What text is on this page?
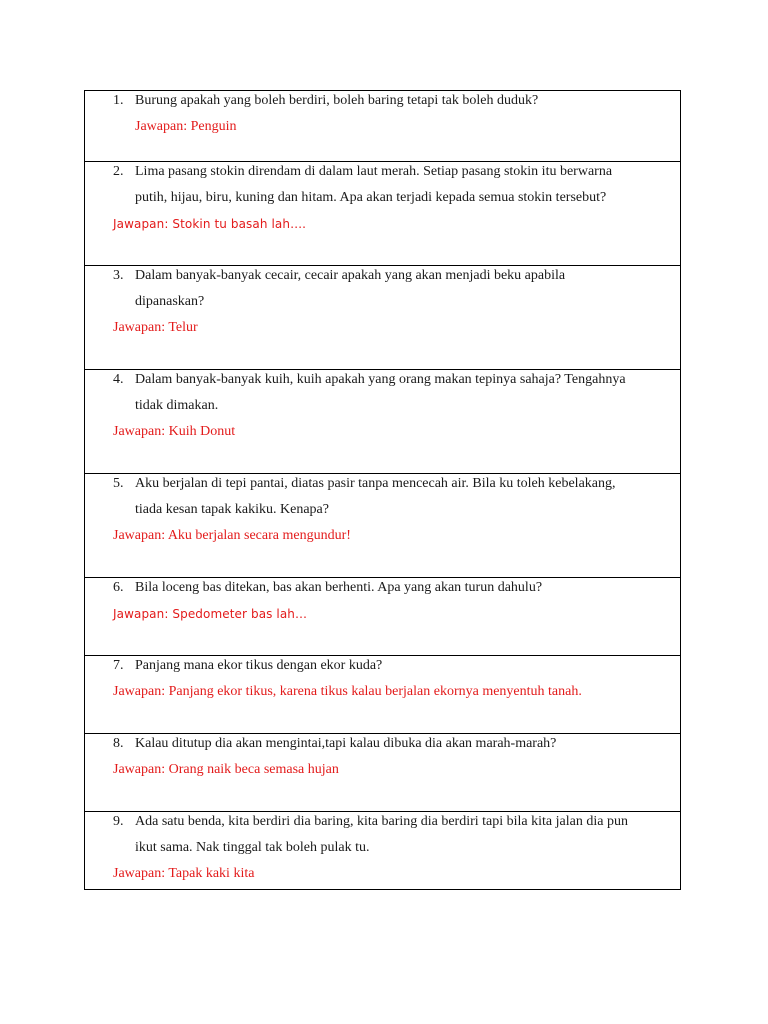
1. Burung apakah yang boleh berdiri, boleh baring tetapi tak boleh duduk?
Jawapan: Penguin
2. Lima pasang stokin direndam di dalam laut merah. Setiap pasang stokin itu berwarna
putih, hijau, biru, kuning dan hitam. Apa akan terjadi kepada semua stokin tersebut?
Jawapan: Stokin tu basah lah….
3. Dalam banyak-banyak cecair, cecair apakah yang akan menjadi beku apabila
dipanaskan?
Jawapan: Telur
4. Dalam banyak-banyak kuih, kuih apakah yang orang makan tepinya sahaja? Tengahnya
tidak dimakan.
Jawapan: Kuih Donut
5. Aku berjalan di tepi pantai, diatas pasir tanpa mencecah air. Bila ku toleh kebelakang,
tiada kesan tapak kakiku. Kenapa?
Jawapan: Aku berjalan secara mengundur!
6. Bila loceng bas ditekan, bas akan berhenti. Apa yang akan turun dahulu?
Jawapan: Spedometer bas lah…
7. Panjang mana ekor tikus dengan ekor kuda?
Jawapan: Panjang ekor tikus, karena tikus kalau berjalan ekornya menyentuh tanah.
8. Kalau ditutup dia akan mengintai,tapi kalau dibuka dia akan marah-marah?
Jawapan: Orang naik beca semasa hujan
9. Ada satu benda, kita berdiri dia baring, kita baring dia berdiri tapi bila kita jalan dia pun
ikut sama. Nak tinggal tak boleh pulak tu.
Jawapan: Tapak kaki kita
